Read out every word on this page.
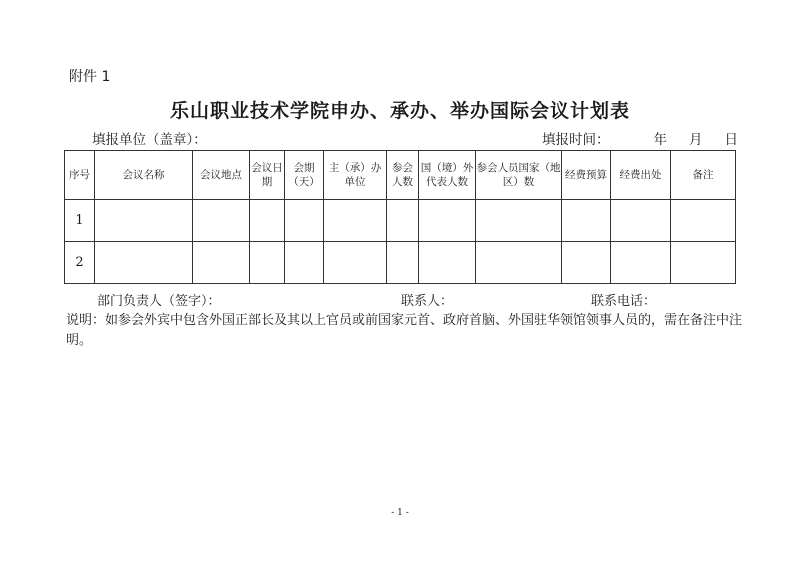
附件 1
乐山职业技术学院申办、承办、举办国际会议计划表
填报单位（盖章）：	填报时间：	年 月 日
序号	会议名称	会议地点	会议日期	会期（天）	主（承）办单位	参会人数	国（境）外代表人数	参会人员国家（地区）数	经费预算	经费出处	备注
1											
2											
部门负责人（签字）：	联系人：	联系电话：
说明：如参会外宾中包含外国正部长及其以上官员或前国家元首、政府首脑、外国驻华领馆领事人员的，需在备注中注明。
- 1 -
